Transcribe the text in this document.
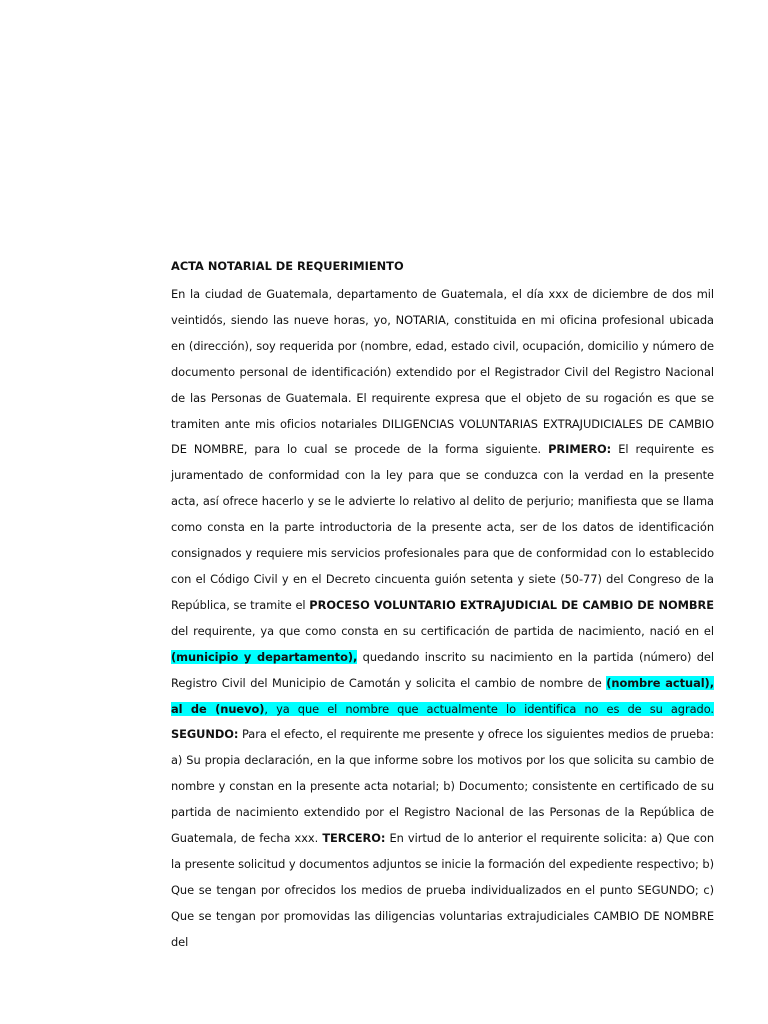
ACTA NOTARIAL DE REQUERIMIENTO

En la ciudad de Guatemala, departamento de Guatemala, el día xxx de diciembre de dos mil veintidós, siendo las nueve horas, yo, NOTARIA, constituida en mi oficina profesional ubicada en (dirección), soy requerida por (nombre, edad, estado civil, ocupación, domicilio y número de documento personal de identificación) extendido por el Registrador Civil del Registro Nacional de las Personas de Guatemala. El requirente expresa que el objeto de su rogación es que se tramiten ante mis oficios notariales DILIGENCIAS VOLUNTARIAS EXTRAJUDICIALES DE CAMBIO DE NOMBRE, para lo cual se procede de la forma siguiente. PRIMERO: El requirente es juramentado de conformidad con la ley para que se conduzca con la verdad en la presente acta, así ofrece hacerlo y se le advierte lo relativo al delito de perjurio; manifiesta que se llama como consta en la parte introductoria de la presente acta, ser de los datos de identificación consignados y requiere mis servicios profesionales para que de conformidad con lo establecido con el Código Civil y en el Decreto cincuenta guión setenta y siete (50-77) del Congreso de la República, se tramite el PROCESO VOLUNTARIO EXTRAJUDICIAL DE CAMBIO DE NOMBRE del requirente, ya que como consta en su certificación de partida de nacimiento, nació en el (municipio y departamento), quedando inscrito su nacimiento en la partida (número) del Registro Civil del Municipio de Camotán y solicita el cambio de nombre de (nombre actual), al de (nuevo), ya que el nombre que actualmente lo identifica no es de su agrado. SEGUNDO: Para el efecto, el requirente me presente y ofrece los siguientes medios de prueba: a) Su propia declaración, en la que informe sobre los motivos por los que solicita su cambio de nombre y constan en la presente acta notarial; b) Documento; consistente en certificado de su partida de nacimiento extendido por el Registro Nacional de las Personas de la República de Guatemala, de fecha xxx. TERCERO: En virtud de lo anterior el requirente solicita: a) Que con la presente solicitud y documentos adjuntos se inicie la formación del expediente respectivo; b) Que se tengan por ofrecidos los medios de prueba individualizados en el punto SEGUNDO; c) Que se tengan por promovidas las diligencias voluntarias extrajudiciales CAMBIO DE NOMBRE del
